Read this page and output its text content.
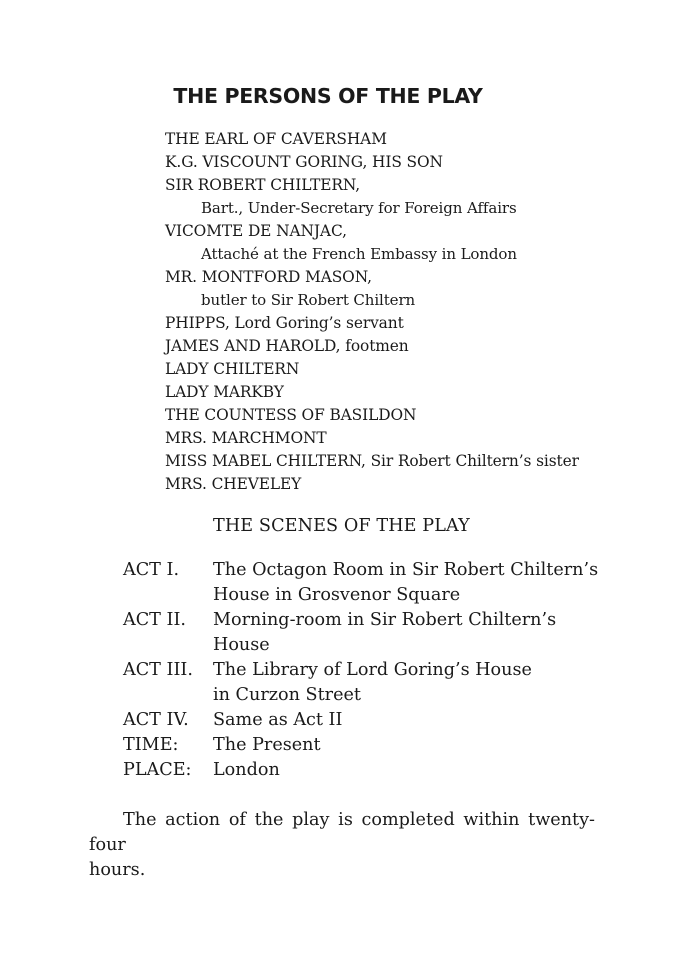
THE PERSONS OF THE PLAY
THE EARL OF CAVERSHAM
K.G. VISCOUNT GORING, HIS SON
SIR ROBERT CHILTERN,
Bart., Under-Secretary for Foreign Affairs
VICOMTE DE NANJAC,
Attaché at the French Embassy in London
MR. MONTFORD MASON,
butler to Sir Robert Chiltern
PHIPPS, Lord Goring’s servant
JAMES AND HAROLD, footmen
LADY CHILTERN
LADY MARKBY
THE COUNTESS OF BASILDON
MRS. MARCHMONT
MISS MABEL CHILTERN, Sir Robert Chiltern’s sister
MRS. CHEVELEY
THE SCENES OF THE PLAY
ACT I.	The Octagon Room in Sir Robert Chiltern’s
House in Grosvenor Square
ACT II.	Morning-room in Sir Robert Chiltern’s
House
ACT III.	The Library of Lord Goring’s House
in Curzon Street
ACT IV.	Same as Act II
TIME:	The Present
PLACE:	London
The action of the play is completed within twenty-four
hours.
